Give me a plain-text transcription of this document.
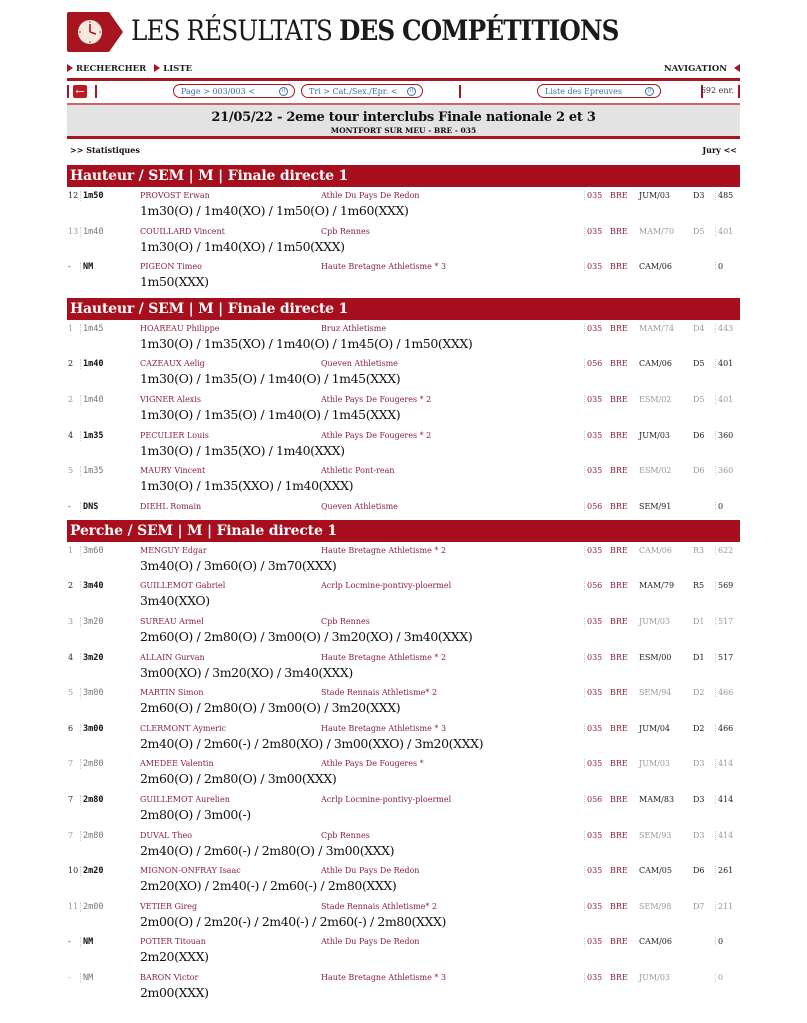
LES RÉSULTATS DES COMPÉTITIONS
RECHERCHER	LISTE	NAVIGATION
←	Page > 003/003 <	⇵	Tri > Cat./Sex./Epr. <	⇵	Liste des Epreuves	⇵	692 enr.
21/05/22 - 2eme tour interclubs Finale nationale 2 et 3
MONTFORT SUR MEU - BRE - 035
>> Statistiques	Jury <<
Hauteur / SEM | M | Finale directe 1
12 1m50	PROVOST Erwan	Athle Du Pays De Redon	035 BRE JUM/03	D3	485
1m30(O) / 1m40(XO) / 1m50(O) / 1m60(XXX)
13 1m40	COUILLARD Vincent	Cpb Rennes	035 BRE MAM/70 D5	401
1m30(O) / 1m40(XO) / 1m50(XXX)
-	NM	PIGEON Timeo	Haute Bretagne Athletisme * 3	035 BRE CAM/06	0
1m50(XXX)
Hauteur / SEM | M | Finale directe 1
1	1m45	HOAREAU Philippe	Bruz Athletisme	035 BRE MAM/74 D4	443
1m30(O) / 1m35(XO) / 1m40(O) / 1m45(O) / 1m50(XXX)
2	1m40	CAZEAUX Aelig	Queven Athletisme	056 BRE CAM/06	D5	401
1m30(O) / 1m35(O) / 1m40(O) / 1m45(XXX)
2	1m40	VIGNER Alexis	Athle Pays De Fougeres * 2	035 BRE ESM/02	D5	401
1m30(O) / 1m35(O) / 1m40(O) / 1m45(XXX)
4	1m35	PECULIER Louis	Athle Pays De Fougeres * 2	035 BRE JUM/03	D6	360
1m30(O) / 1m35(XO) / 1m40(XXX)
5	1m35	MAURY Vincent	Athletic Pont-rean	035 BRE ESM/02	D6	360
1m30(O) / 1m35(XXO) / 1m40(XXX)
-	DNS	DIEHL Romain	Queven Athletisme	056 BRE SEM/91	0
Perche / SEM | M | Finale directe 1
1	3m60	MENGUY Edgar	Haute Bretagne Athletisme * 2	035 BRE CAM/06	R3	622
3m40(O) / 3m60(O) / 3m70(XXX)
2	3m40	GUILLEMOT Gabriel	Acrlp Locmine-pontivy-ploermel	056 BRE MAM/79 R5	569
3m40(XXO)
3	3m20	SUREAU Armel	Cpb Rennes	035 BRE JUM/03	D1	517
2m60(O) / 2m80(O) / 3m00(O) / 3m20(XO) / 3m40(XXX)
4	3m20	ALLAIN Gurvan	Haute Bretagne Athletisme * 2	035 BRE ESM/00	D1	517
3m00(XO) / 3m20(XO) / 3m40(XXX)
5	3m00	MARTIN Simon	Stade Rennais Athletisme* 2	035 BRE SEM/94	D2	466
2m60(O) / 2m80(O) / 3m00(O) / 3m20(XXX)
6	3m00	CLERMONT Aymeric	Haute Bretagne Athletisme * 3	035 BRE JUM/04	D2	466
2m40(O) / 2m60(-) / 2m80(XO) / 3m00(XXO) / 3m20(XXX)
7	2m80	AMEDEE Valentin	Athle Pays De Fougeres *	035 BRE JUM/03	D3	414
2m60(O) / 2m80(O) / 3m00(XXX)
7	2m80	GUILLEMOT Aurelien	Acrlp Locmine-pontivy-ploermel	056 BRE MAM/83 D3	414
2m80(O) / 3m00(-)
7	2m80	DUVAL Theo	Cpb Rennes	035 BRE SEM/93	D3	414
2m40(O) / 2m60(-) / 2m80(O) / 3m00(XXX)
10 2m20	MIGNON-ONFRAY Isaac	Athle Du Pays De Redon	035 BRE CAM/05	D6	261
2m20(XO) / 2m40(-) / 2m60(-) / 2m80(XXX)
11 2m00	VETIER Gireg	Stade Rennais Athletisme* 2	035 BRE SEM/98	D7	211
2m00(O) / 2m20(-) / 2m40(-) / 2m60(-) / 2m80(XXX)
-	NM	POTIER Titouan	Athle Du Pays De Redon	035 BRE CAM/06	0
2m20(XXX)
-	NM	BARON Victor	Haute Bretagne Athletisme * 3	035 BRE JUM/03	0
2m00(XXX)
